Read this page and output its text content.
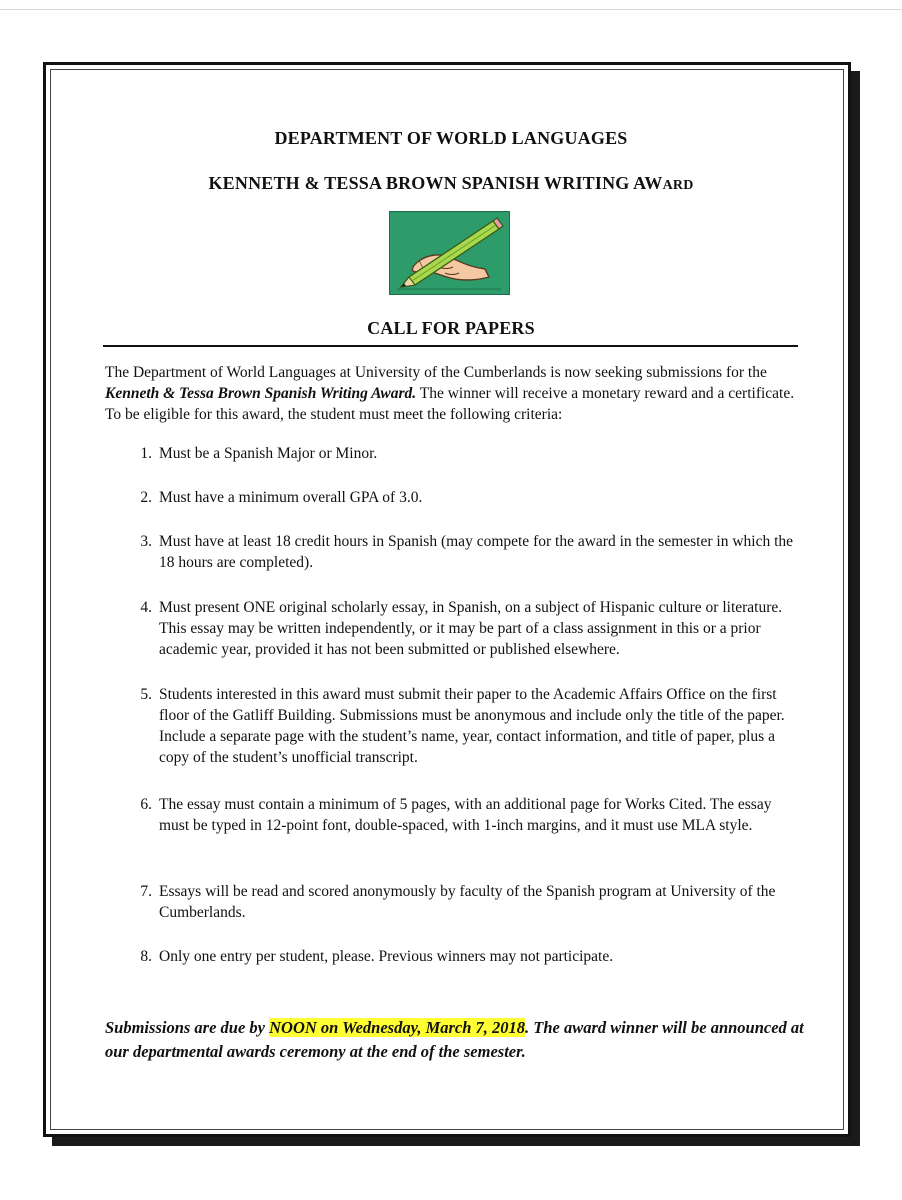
DEPARTMENT OF WORLD LANGUAGES
KENNETH & TESSA BROWN SPANISH WRITING AWARD
CALL FOR PAPERS

The Department of World Languages at University of the Cumberlands is now seeking submissions for the Kenneth & Tessa Brown Spanish Writing Award. The winner will receive a monetary reward and a certificate. To be eligible for this award, the student must meet the following criteria:

1. Must be a Spanish Major or Minor.
2. Must have a minimum overall GPA of 3.0.
3. Must have at least 18 credit hours in Spanish (may compete for the award in the semester in which the 18 hours are completed).
4. Must present ONE original scholarly essay, in Spanish, on a subject of Hispanic culture or literature. This essay may be written independently, or it may be part of a class assignment in this or a prior academic year, provided it has not been submitted or published elsewhere.
5. Students interested in this award must submit their paper to the Academic Affairs Office on the first floor of the Gatliff Building. Submissions must be anonymous and include only the title of the paper. Include a separate page with the student’s name, year, contact information, and title of paper, plus a copy of the student’s unofficial transcript.
6. The essay must contain a minimum of 5 pages, with an additional page for Works Cited. The essay must be typed in 12-point font, double-spaced, with 1-inch margins, and it must use MLA style.
7. Essays will be read and scored anonymously by faculty of the Spanish program at University of the Cumberlands.
8. Only one entry per student, please. Previous winners may not participate.

Submissions are due by NOON on Wednesday, March 7, 2018. The award winner will be announced at our departmental awards ceremony at the end of the semester.
